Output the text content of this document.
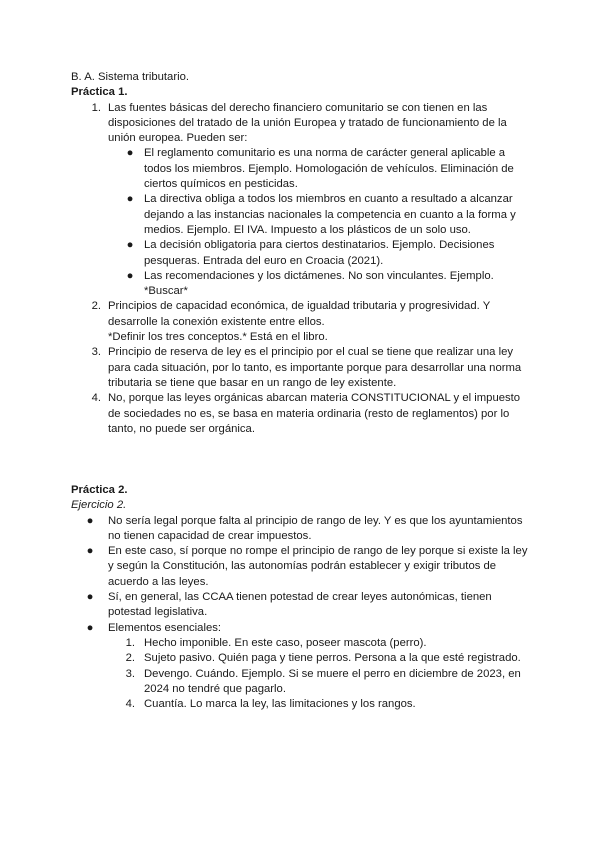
B. A. Sistema tributario.

Práctica 1.

1. Las fuentes básicas del derecho financiero comunitario se con tienen en las disposiciones del tratado de la unión Europea y tratado de funcionamiento de la unión europea. Pueden ser:
● El reglamento comunitario es una norma de carácter general aplicable a todos los miembros. Ejemplo. Homologación de vehículos. Eliminación de ciertos químicos en pesticidas.
● La directiva obliga a todos los miembros en cuanto a resultado a alcanzar dejando a las instancias nacionales la competencia en cuanto a la forma y medios. Ejemplo. El IVA. Impuesto a los plásticos de un solo uso.
● La decisión obligatoria para ciertos destinatarios. Ejemplo. Decisiones pesqueras. Entrada del euro en Croacia (2021).
● Las recomendaciones y los dictámenes. No son vinculantes. Ejemplo. *Buscar*
2. Principios de capacidad económica, de igualdad tributaria y progresividad. Y desarrolle la conexión existente entre ellos.
*Definir los tres conceptos.* Está en el libro.
3. Principio de reserva de ley es el principio por el cual se tiene que realizar una ley para cada situación, por lo tanto, es importante porque para desarrollar una norma tributaria se tiene que basar en un rango de ley existente.
4. No, porque las leyes orgánicas abarcan materia CONSTITUCIONAL y el impuesto de sociedades no es, se basa en materia ordinaria (resto de reglamentos) por lo tanto, no puede ser orgánica.

Práctica 2.

Ejercicio 2.

● No sería legal porque falta al principio de rango de ley. Y es que los ayuntamientos no tienen capacidad de crear impuestos.
● En este caso, sí porque no rompe el principio de rango de ley porque si existe la ley y según la Constitución, las autonomías podrán establecer y exigir tributos de acuerdo a las leyes.
● Sí, en general, las CCAA tienen potestad de crear leyes autonómicas, tienen potestad legislativa.
● Elementos esenciales:
1. Hecho imponible. En este caso, poseer mascota (perro).
2. Sujeto pasivo. Quién paga y tiene perros. Persona a la que esté registrado.
3. Devengo. Cuándo. Ejemplo. Si se muere el perro en diciembre de 2023, en 2024 no tendré que pagarlo.
4. Cuantía. Lo marca la ley, las limitaciones y los rangos.
